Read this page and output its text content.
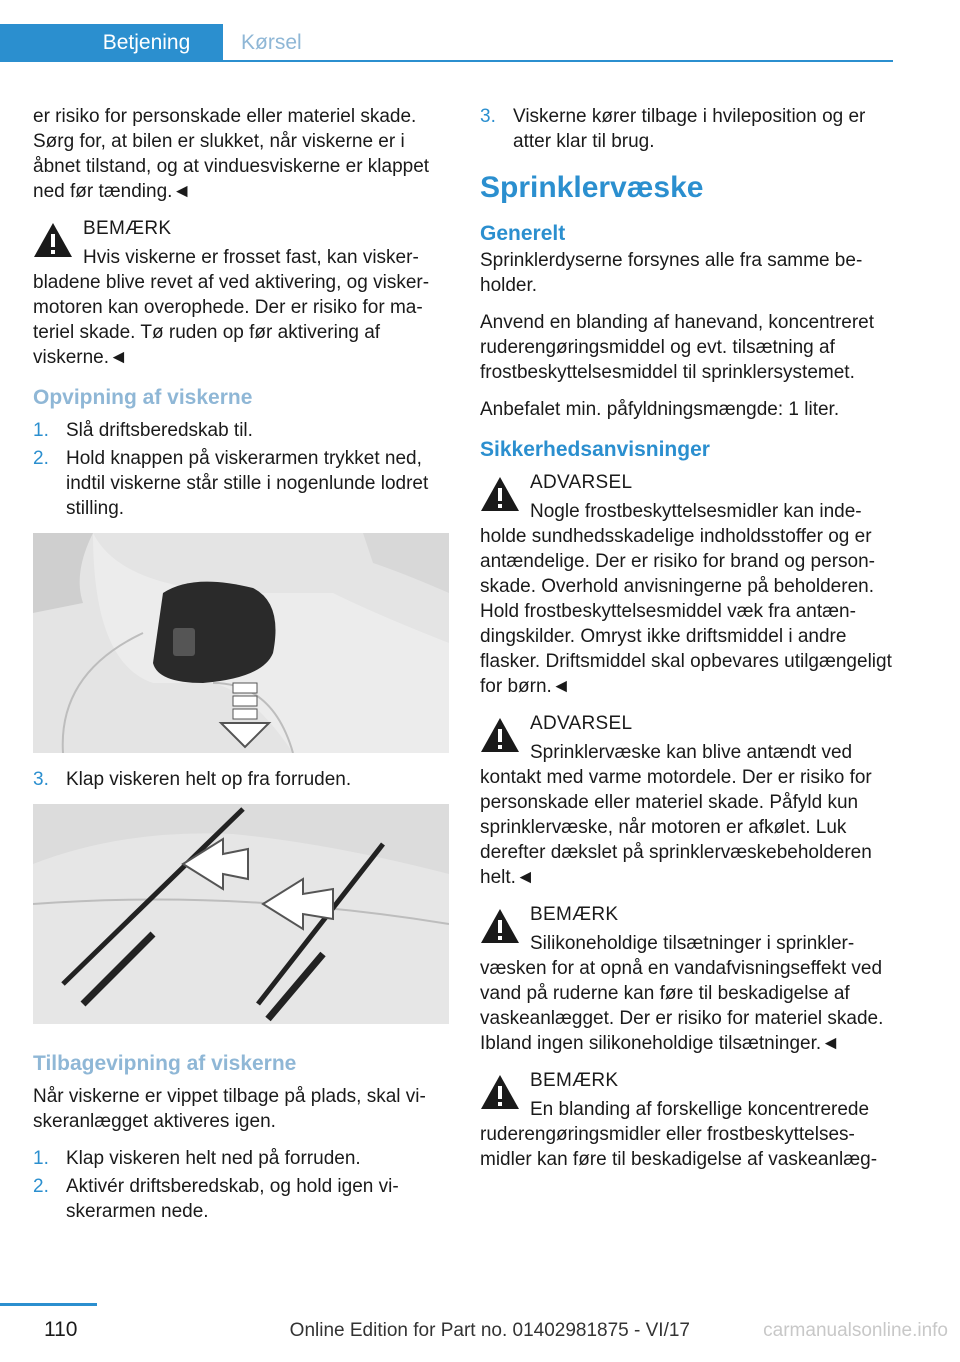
Betjening	Kørsel

er risiko for personskade eller materiel skade. Sørg for, at bilen er slukket, når viskerne er i åbnet tilstand, og at vinduesviskerne er klappet ned før tænding.◄

BEMÆRK
Hvis viskerne er frosset fast, kan viskerbladene blive revet af ved aktivering, og viskermotoren kan overophede. Der er risiko for materiel skade. Tø ruden op før aktivering af viskerne.◄
Opvipning af viskerne
1. Slå driftsberedskab til.
2. Hold knappen på viskerarmen trykket ned, indtil viskerne står stille i nogenlunde lodret stilling.
3. Klap viskeren helt op fra forruden.
Tilbagevipning af viskerne

Når viskerne er vippet tilbage på plads, skal viskeranlægget aktiveres igen.

1. Klap viskeren helt ned på forruden.
2. Aktivér driftsberedskab, og hold igen viskerarmen nede.
3. Viskerne kører tilbage i hvileposition og er atter klar til brug.
Sprinklervæske
Generelt

Sprinklerdyserne forsynes alle fra samme beholder.

Anvend en blanding af hanevand, koncentreret ruderengøringsmiddel og evt. tilsætning af frostbeskyttelsesmiddel til sprinklersystemet.

Anbefalet min. påfyldningsmængde: 1 liter.

Sikkerhedsanvisninger
ADVARSEL
Nogle frostbeskyttelsesmidler kan indeholde sundhedsskadelige indholdsstoffer og er antændelige. Der er risiko for brand og personskade. Overhold anvisningerne på beholderen. Hold frostbeskyttelsesmiddel væk fra antændingskilder. Omryst ikke driftsmiddel i andre flasker. Driftsmiddel skal opbevares utilgængeligt for børn.◄
ADVARSEL
Sprinklervæske kan blive antændt ved kontakt med varme motordele. Der er risiko for personskade eller materiel skade. Påfyld kun sprinklervæske, når motoren er afkølet. Luk derefter dækslet på sprinklervæskebeholderen helt.◄
BEMÆRK
Silikoneholdige tilsætninger i sprinklervæsken for at opnå en vandafvisningseffekt ved vand på ruderne kan føre til beskadigelse af vaskeanlægget. Der er risiko for materiel skade. Ibland ingen silikoneholdige tilsætninger.◄
BEMÆRK
En blanding af forskellige koncentrerede ruderengøringsmidler eller frostbeskyttelsesmidler kan føre til beskadigelse af vaskeanlæg-
110	Online Edition for Part no. 01402981875 - VI/17	carmanualsonline.info
